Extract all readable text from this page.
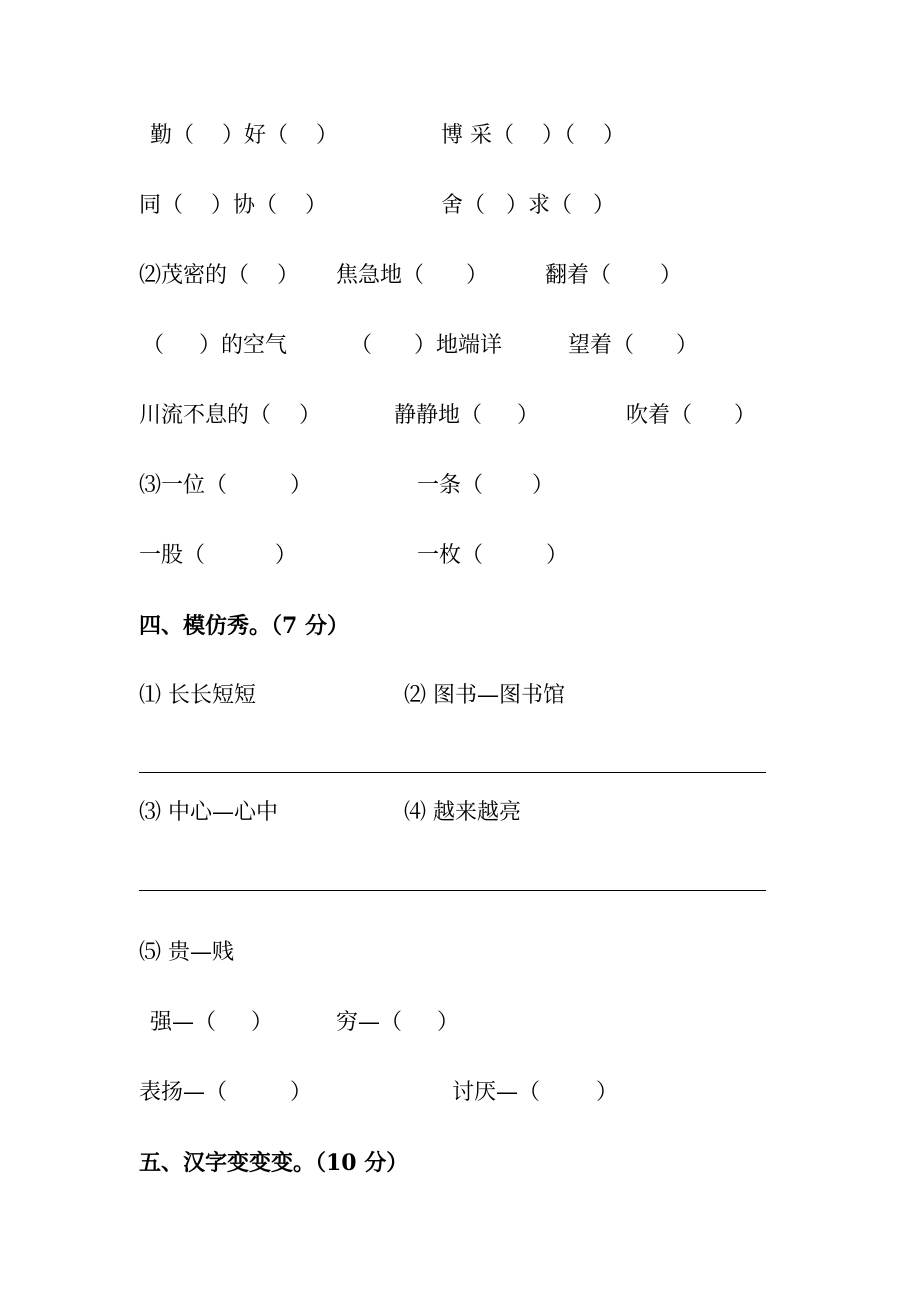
勤（    ）好（    ）	博 采（    ）（    ）
同（    ）协（    ）	舍（   ）求（   ）
⑵茂密的（    ） 焦急地（      ）	翻着（       ）
（     ）的空气	（      ）地端详	望着（      ）
川流不息的（    ）	静静地（     ）	吹着（      ）
⑶一位（         ）	一条（       ）
一股（          ）	一枚（         ）
四、模仿秀。（7 分）
⑴ 长长短短	⑵ 图书—图书馆
⑶ 中心—心中	⑷ 越来越亮
⑸ 贵—贱
强—（     ）	穷—（     ）
表扬—（         ）	讨厌—（        ）
五、汉字变变变。（10 分）
